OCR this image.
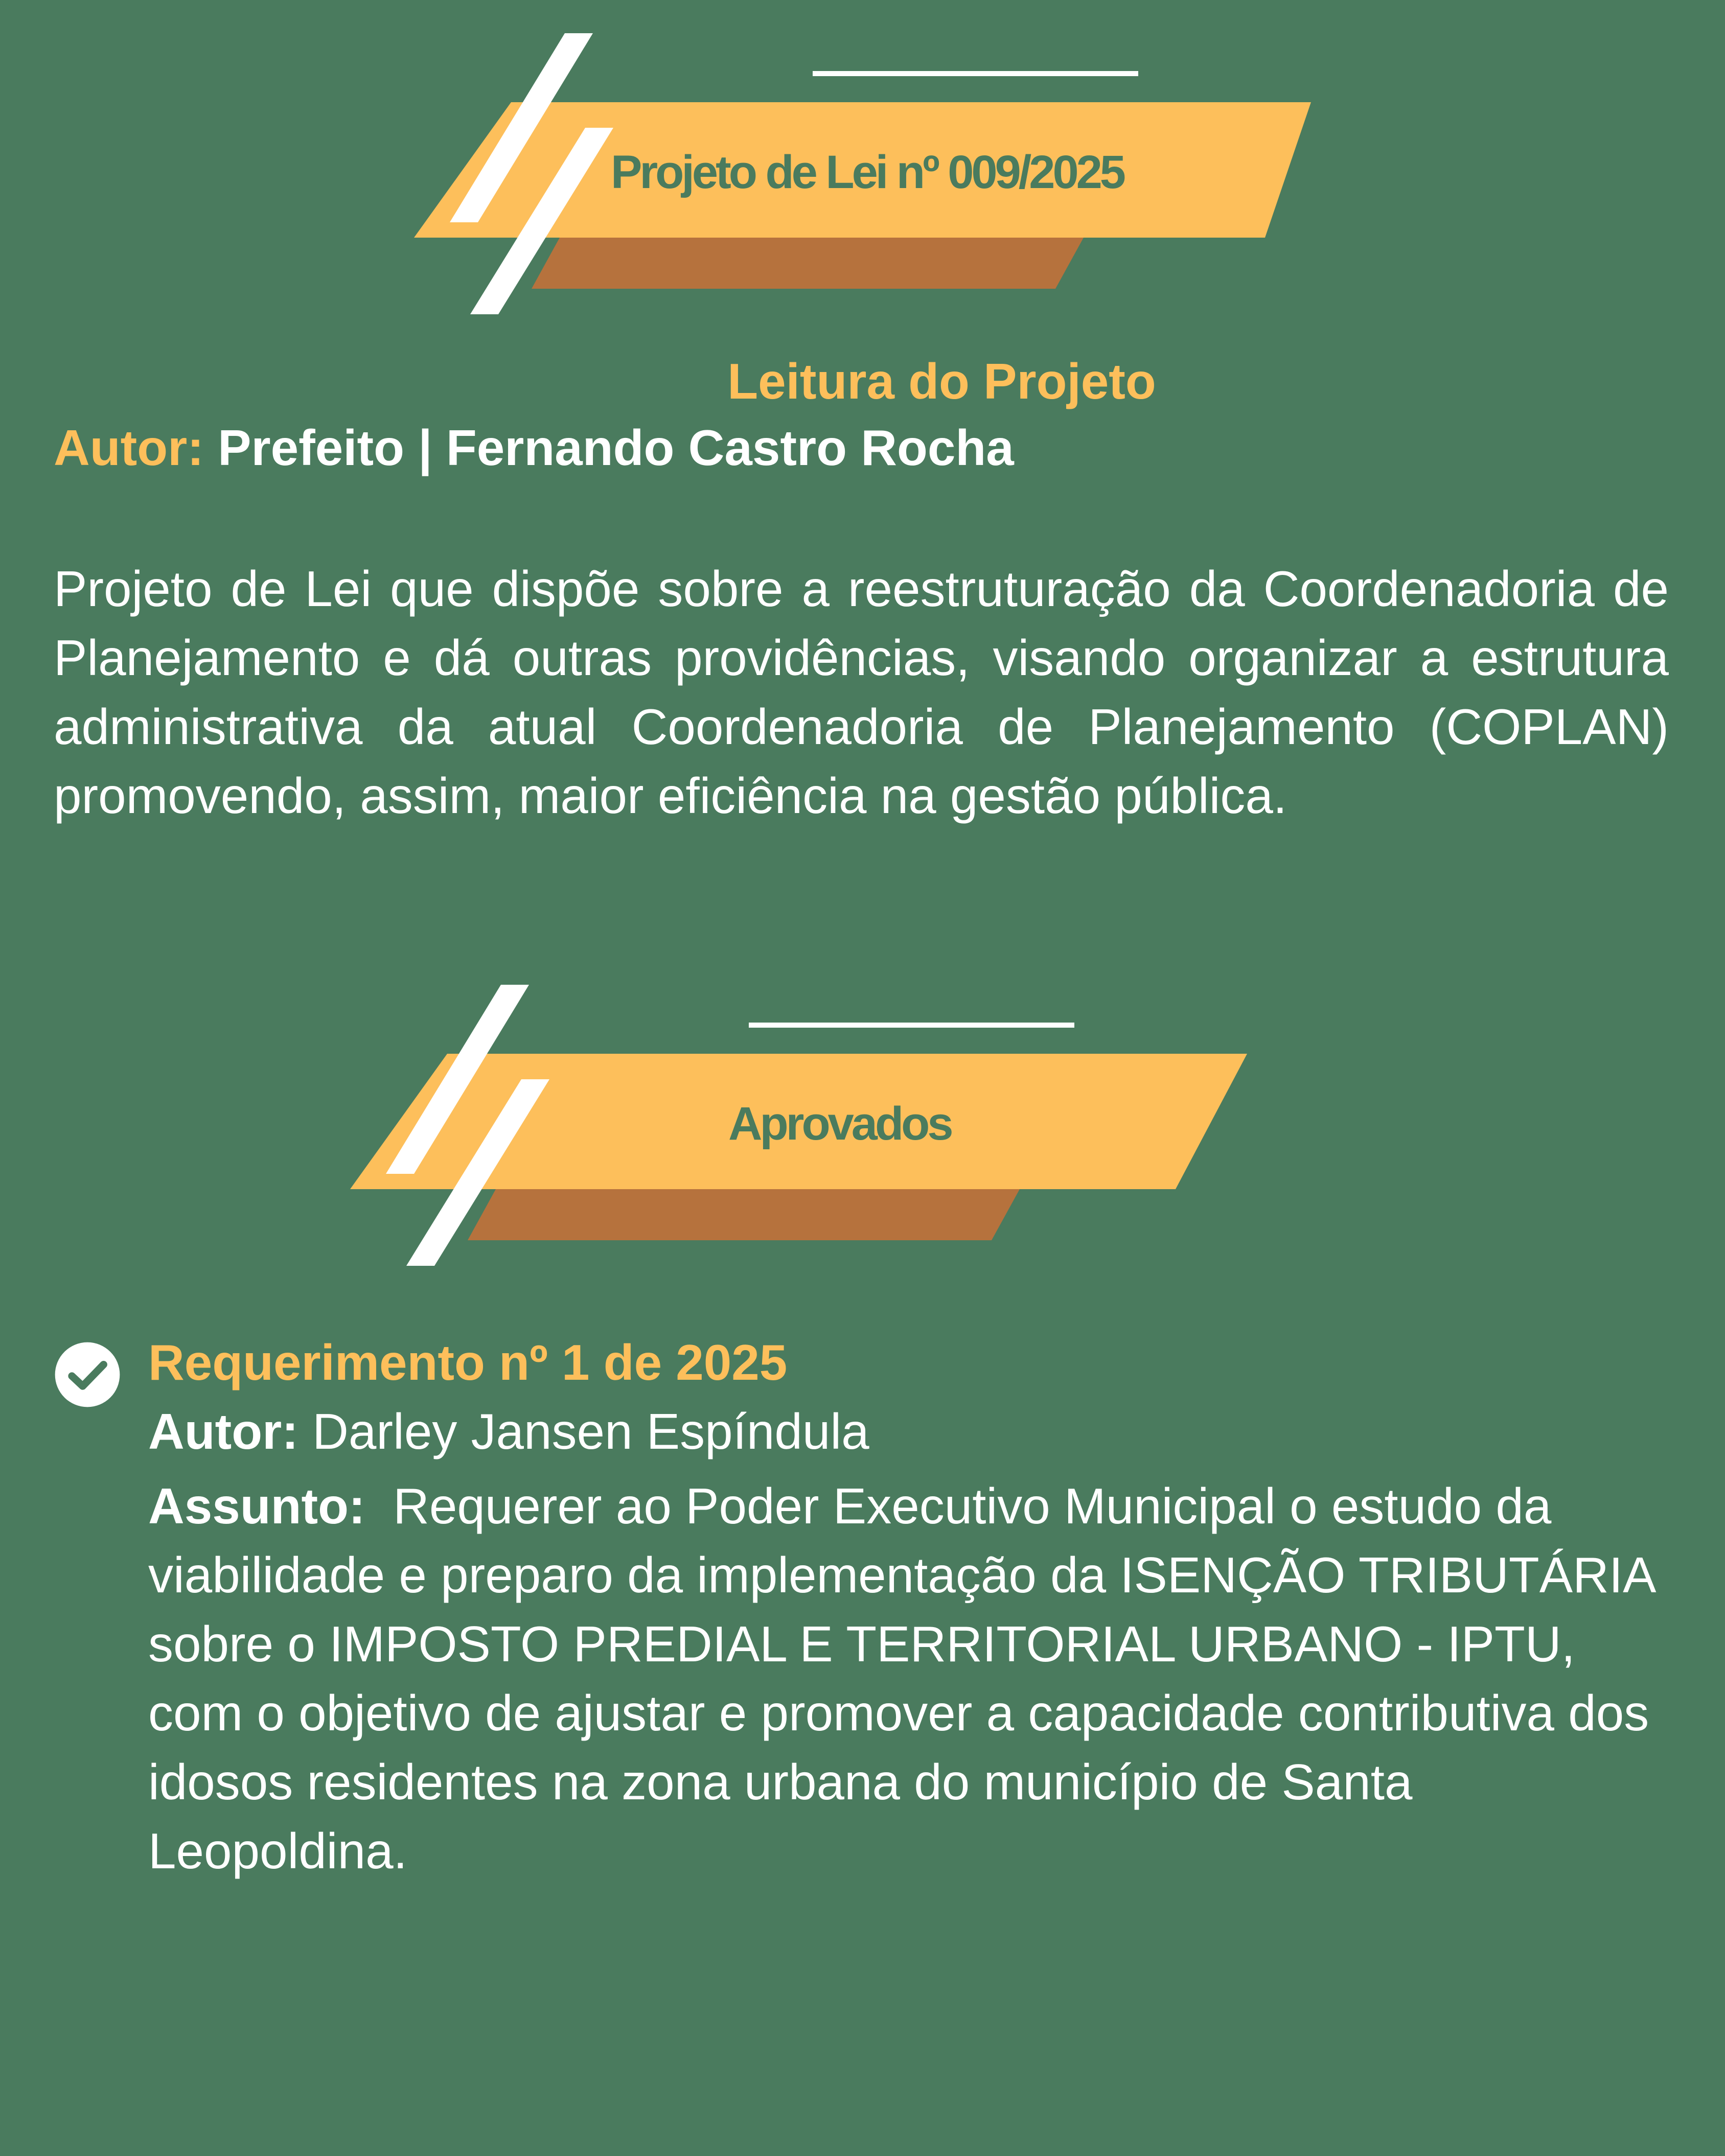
Projeto de Lei nº 009/2025
Leitura do Projeto

Autor: Prefeito | Fernando Castro Rocha

Projeto de Lei que dispõe sobre a reestruturação da Coordenadoria de Planejamento e dá outras providências, visando organizar a estrutura administrativa da atual Coordenadoria de Planejamento (COPLAN) promovendo, assim, maior eficiência na gestão pública.

Aprovados

Requerimento nº 1 de 2025

Autor: Darley Jansen Espíndula

Assunto: Requerer ao Poder Executivo Municipal o estudo da viabilidade e preparo da implementação da ISENÇÃO TRIBUTÁRIA sobre o IMPOSTO PREDIAL E TERRITORIAL URBANO - IPTU, com o objetivo de ajustar e promover a capacidade contributiva dos idosos residentes na zona urbana do município de Santa Leopoldina.
